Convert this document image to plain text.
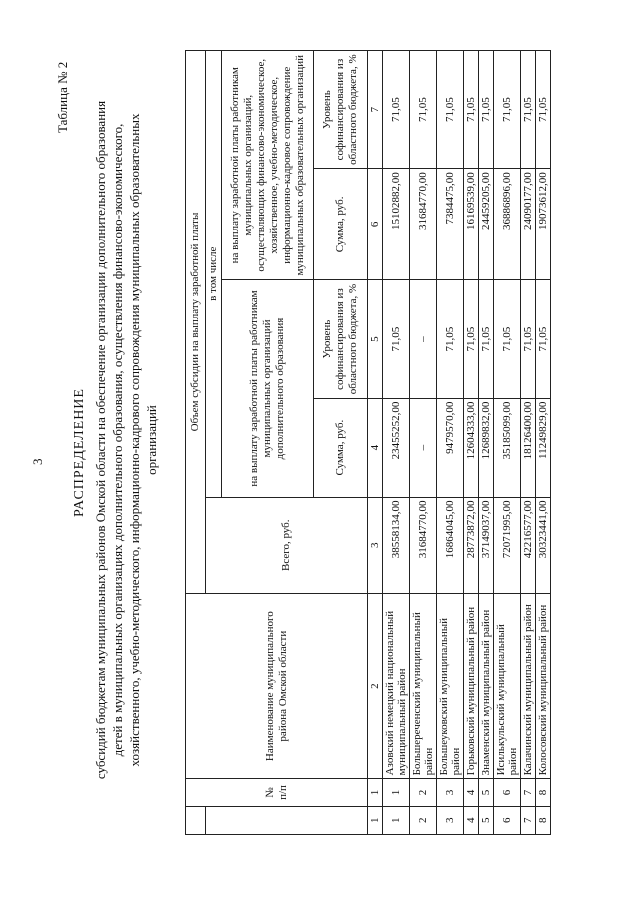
3
Таблица № 2
РАСПРЕДЕЛЕНИЕ субсидий бюджетам муниципальных районов Омской области на обеспечение организации дополнительного образования детей в муниципальных организациях дополнительного образования, осуществления финансово-экономического, хозяйственного, учебно-методического, информационно-кадрового сопровождения муниципальных образовательных организаций
	№ п/п	Наименование муниципального района Омской области	Объем субсидии на выплату заработной платы				
			Всего, руб.	в том числе			
				на выплату заработной платы работникам муниципальных организаций дополнительного образования		на выплату заработной платы работникам муниципальных организаций, осуществляющих финансово-экономическое, хозяйственное, учебно-методическое, информационно-кадровое сопровождение муниципальных образовательных организаций	
				Сумма, руб.	Уровень софинансирования из областного бюджета, %	Сумма, руб.	Уровень софинансирования из областного бюджета, %
1	1	2	3	4	5	6	7
1	1	Азовский немецкий национальный муниципальный район	38558134,00	23455252,00	71,05	15102882,00	71,05
2	2	Большереченский муниципальный район	31684770,00	–	–	31684770,00	71,05
3	3	Большеуковский муниципальный район	16864045,00	9479570,00	71,05	7384475,00	71,05
4	4	Горьковский муниципальный район	28773872,00	12604333,00	71,05	16169539,00	71,05
5	5	Знаменский муниципальный район	37149037,00	12689832,00	71,05	24459205,00	71,05
6	6	Исилькульский муниципальный район	72071995,00	35185099,00	71,05	36886896,00	71,05
7	7	Калачинский муниципальный район	42216577,00	18126400,00	71,05	24090177,00	71,05
8	8	Колосовский муниципальный район	30323441,00	11249829,00	71,05	19073612,00	71,05
